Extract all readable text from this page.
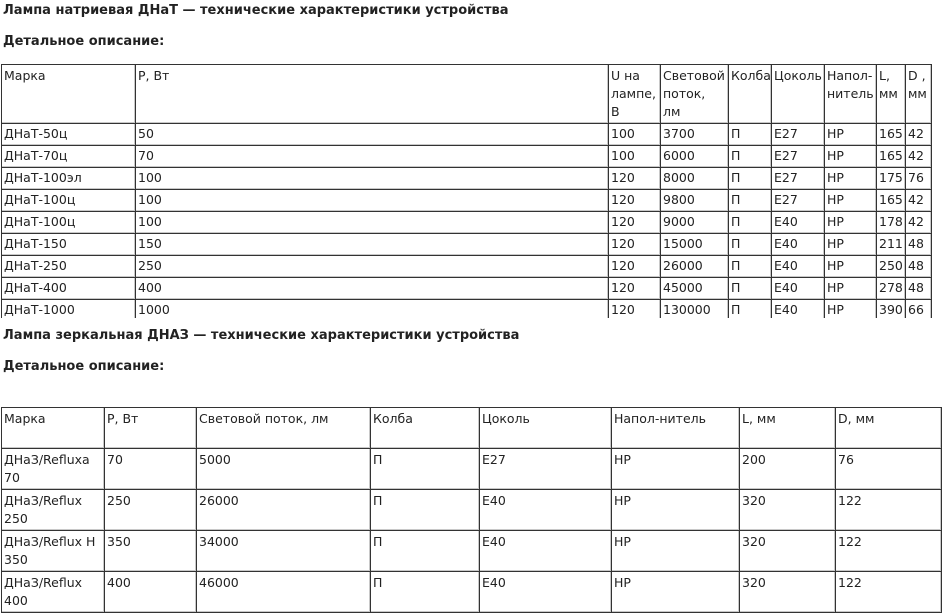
Лампа натриевая ДНаТ — технические характеристики устройства
Детальное описание:
Марка	P, Вт	U на лампе, В	Световой поток, лм	Колба	Цоколь	Напол-нитель	L, мм	D , мм
ДНаТ-50ц	50	100	3700	П	E27	HP	165	42
ДНаТ-70ц	70	100	6000	П	E27	HP	165	42
ДНаТ-100эл	100	120	8000	П	E27	HP	175	76
ДНаТ-100ц	100	120	9800	П	E27	HP	165	42
ДНаТ-100ц	100	120	9000	П	E40	HP	178	42
ДНаТ-150	150	120	15000	П	E40	HP	211	48
ДНаТ-250	250	120	26000	П	E40	HP	250	48
ДНаТ-400	400	120	45000	П	E40	HP	278	48
ДНаТ-1000	1000	120	130000	П	E40	HP	390	66
Лампа зеркальная ДНАЗ — технические характеристики устройства
Детальное описание:
Марка	P, Вт	Световой поток, лм	Колба	Цоколь	Напол-нитель	L, мм	D, мм
ДНаЗ/Refluxa 70	70	5000	П	E27	HP	200	76
ДНаЗ/Reflux 250	250	26000	П	E40	HP	320	122
ДНаЗ/Reflux H 350	350	34000	П	E40	HP	320	122
ДНаЗ/Reflux 400	400	46000	П	E40	HP	320	122
